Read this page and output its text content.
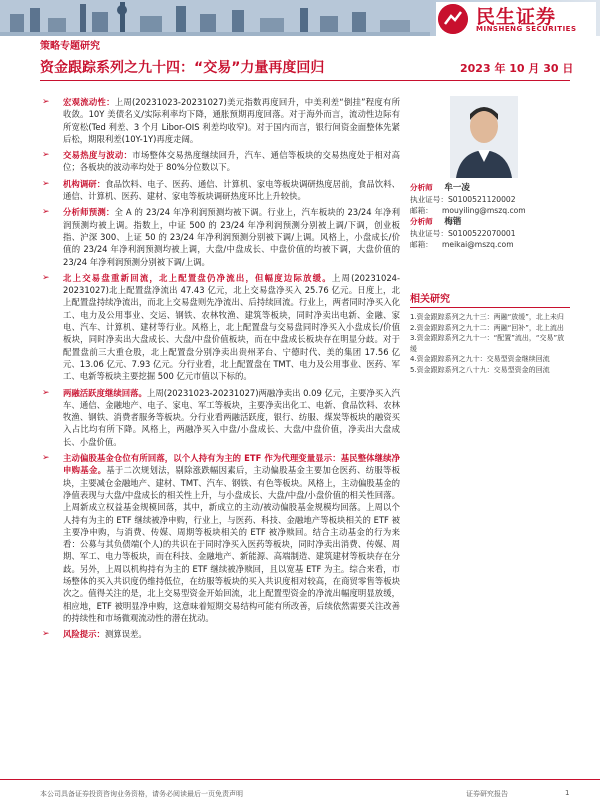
民生证券
MINSHENG SECURITIES
策略专题研究
资金跟踪系列之九十四：“交易”力量再度回归	2023 年 10 月 30 日
➢ 宏观流动性：上周(20231023-20231027)美元指数再度回升，中美利差“倒挂”程度有所收敛。10Y 美债名义/实际利率均下降，通胀预期再度回落。对于海外而言，流动性边际有所宽松(Ted 利差、3 个月 Libor-OIS 利差均收窄)。对于国内而言，银行间资金面整体先紧后松，期限利差(10Y-1Y)再度走阔。
➢ 交易热度与波动：市场整体交易热度继续回升，汽车、通信等板块的交易热度处于相对高位；各板块的波动率均处于 80%分位数以下。
➢ 机构调研：食品饮料、电子、医药、通信、计算机、家电等板块调研热度居前，食品饮料、通信、计算机、医药、建材、家电等板块调研热度环比上升较快。
➢ 分析师预测：全 A 的 23/24 年净利润预测均被下调。行业上，汽车板块的 23/24 年净利润预测均被上调。指数上，中证 500 的 23/24 年净利润预测分别被上调/下调，创业板指、沪深 300、上证 50 的 23/24 年净利润预测分别被下调/上调。风格上，小盘成长/价值的 23/24 年净利润预测均被上调，大盘/中盘成长、中盘价值的均被下调，大盘价值的 23/24 年净利润预测分别被下调/上调。
➢ 北上交易盘重新回流，北上配置盘仍净流出，但幅度边际放缓。上周(20231024-20231027)北上配置盘净流出 47.43 亿元，北上交易盘净买入 25.76 亿元。日度上，北上配置盘持续净流出，而北上交易盘则先净流出、后持续回流。行业上，两者同时净买入化工、电力及公用事业、交运、钢铁、农林牧渔、建筑等板块，同时净卖出电新、金融、家电、汽车、计算机、建材等行业。风格上，北上配置盘与交易盘同时净买入小盘成长/价值板块，同时净卖出大盘成长、大盘/中盘价值板块，而在中盘成长板块存在明显分歧。对于配置盘前三大重仓股，北上配置盘分别净卖出贵州茅台、宁德时代、美的集团 17.56 亿元、13.06 亿元、7.93 亿元。分行业看，北上配置盘在 TMT、电力及公用事业、医药、军工、电新等板块主要挖掘 500 亿元市值以下标的。
➢ 两融活跃度继续回落。上周(20231023-20231027)两融净卖出 0.09 亿元，主要净买入汽车、通信、金融地产、电子、家电、军工等板块，主要净卖出化工、电新、食品饮料、农林牧渔、钢铁、消费者服务等板块。分行业看两融活跃度，银行、纺服、煤炭等板块的融资买入占比均有所下降。风格上，两融净买入中盘/小盘成长、大盘/中盘价值，净卖出大盘成长、小盘价值。
➢ 主动偏股基金仓位有所回落，以个人持有为主的 ETF 作为代理变量显示：基民整体继续净申购基金。基于二次规划法，剔除涨跌幅因素后，主动偏股基金主要加仓医药、纺服等板块，主要减仓金融地产、建材、TMT、汽车、钢铁、有色等板块。风格上，主动偏股基金的净值表现与大盘/中盘成长的相关性上升，与小盘成长、大盘/中盘/小盘价值的相关性回落。上周新成立权益基金规模回落，其中，新成立的主动/被动偏股基金规模均回落。上周以个人持有为主的 ETF 继续被净申购，行业上，与医药、科技、金融地产等板块相关的 ETF 被主要净申购，与消费、传媒、周期等板块相关的 ETF 被净赎回。结合主动基金的行为来看：公募与其负债端(个人)的共识在于同时净买入医药等板块，同时净卖出消费、传媒、周期、军工、电力等板块，而在科技、金融地产、新能源、高端制造、建筑建材等板块存在分歧。另外，上周以机构持有为主的 ETF 继续被净赎回，且以宽基 ETF 为主。综合来看，市场整体的买入共识度仍维持低位，在纺服等板块的买入共识度相对较高，在商贸零售等板块次之。值得关注的是，北上交易型资金开始回流，北上配置型资金的净流出幅度明显放缓，相应地，ETF 被明显净申购，这意味着短期交易结构可能有所改善，后续依然需要关注改善的持续性和市场微观流动性的潜在扰动。
➢ 风险提示：测算误差。
分析师 牟一凌
执业证号：S0100521120002
邮箱： mouyiling@mszq.com
分析师 梅锴
执业证号：S0100522070001
邮箱： meikai@mszq.com
相关研究
1.资金跟踪系列之九十三：两融“放缓”，北上未归
2.资金跟踪系列之九十二：两融“回补”，北上流出
3.资金跟踪系列之九十一：“配置”流出，“交易”放缓
4.资金跟踪系列之九十：交易型资金继续回流
5.资金跟踪系列之八十九：交易型资金的回流
本公司具备证券投资咨询业务资格，请务必阅读最后一页免责声明	证券研究报告	1
